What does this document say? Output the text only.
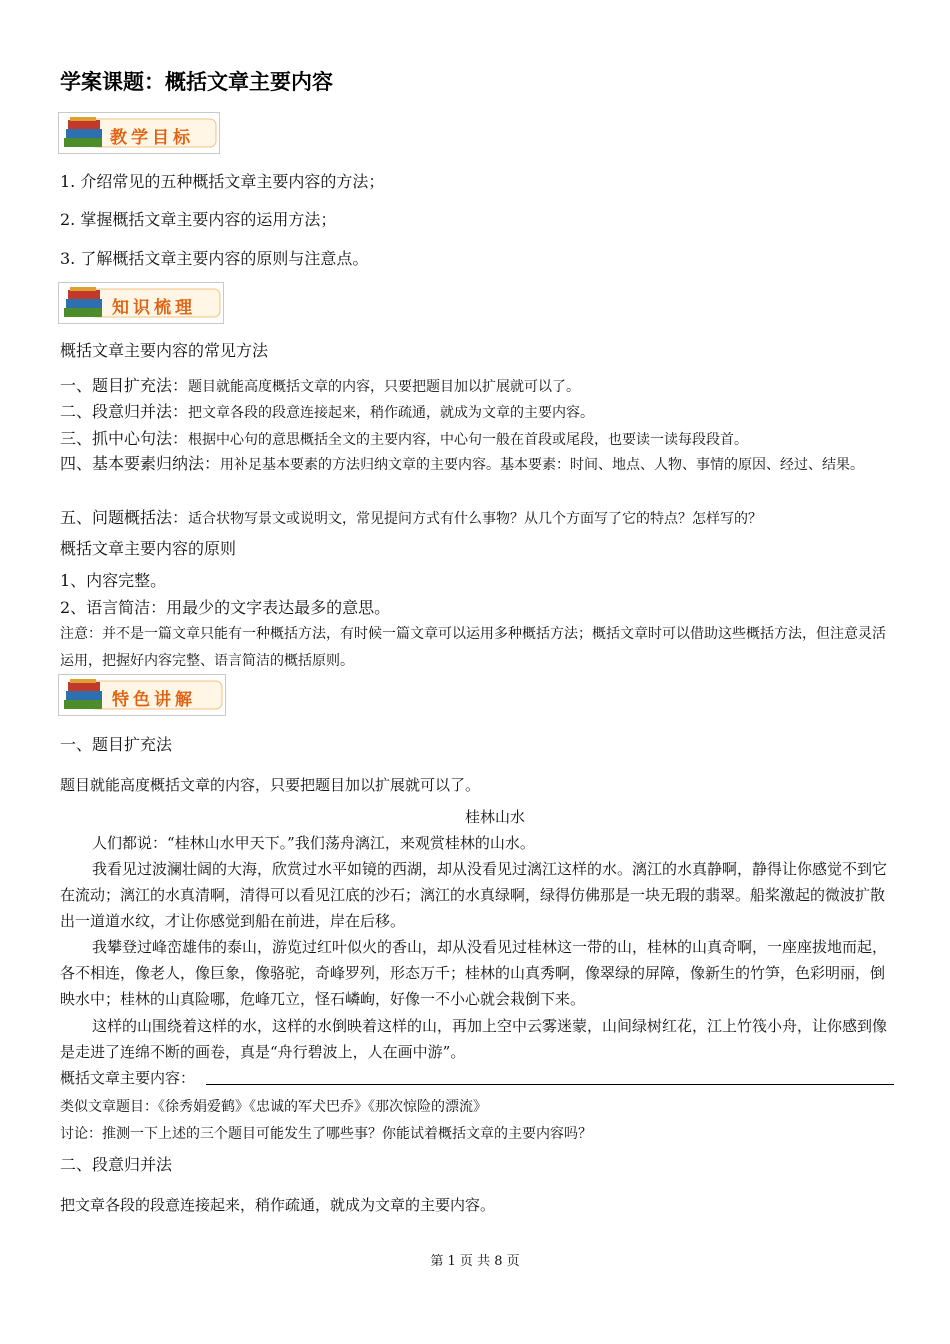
学案课题：概括文章主要内容
教学目标
1. 介绍常见的五种概括文章主要内容的方法；
2. 掌握概括文章主要内容的运用方法；
3. 了解概括文章主要内容的原则与注意点。
知识梳理
概括文章主要内容的常见方法
一、题目扩充法：题目就能高度概括文章的内容，只要把题目加以扩展就可以了。
二、段意归并法：把文章各段的段意连接起来，稍作疏通，就成为文章的主要内容。
三、抓中心句法：根据中心句的意思概括全文的主要内容，中心句一般在首段或尾段，也要读一读每段段首。
四、基本要素归纳法：用补足基本要素的方法归纳文章的主要内容。基本要素：时间、地点、人物、事情的原因、经过、结果。
五、问题概括法：适合状物写景文或说明文，常见提问方式有什么事物？从几个方面写了它的特点？怎样写的？
概括文章主要内容的原则
1、内容完整。
2、语言简洁：用最少的文字表达最多的意思。
注意：并不是一篇文章只能有一种概括方法，有时候一篇文章可以运用多种概括方法；概括文章时可以借助这些概括方法，但注意灵活运用，把握好内容完整、语言简洁的概括原则。
特色讲解
一、题目扩充法
题目就能高度概括文章的内容，只要把题目加以扩展就可以了。
桂林山水
人们都说：“桂林山水甲天下。”我们荡舟漓江，来观赏桂林的山水。
我看见过波澜壮阔的大海，欣赏过水平如镜的西湖，却从没看见过漓江这样的水。漓江的水真静啊，静得让你感觉不到它在流动；漓江的水真清啊，清得可以看见江底的沙石；漓江的水真绿啊，绿得仿佛那是一块无瑕的翡翠。船桨激起的微波扩散出一道道水纹，才让你感觉到船在前进，岸在后移。
我攀登过峰峦雄伟的泰山，游览过红叶似火的香山，却从没看见过桂林这一带的山，桂林的山真奇啊，一座座拔地而起，各不相连，像老人，像巨象，像骆驼，奇峰罗列，形态万千；桂林的山真秀啊，像翠绿的屏障，像新生的竹笋，色彩明丽，倒映水中；桂林的山真险哪，危峰兀立，怪石嶙峋，好像一不小心就会栽倒下来。
这样的山围绕着这样的水，这样的水倒映着这样的山，再加上空中云雾迷蒙，山间绿树红花，江上竹筏小舟，让你感到像是走进了连绵不断的画卷，真是“舟行碧波上，人在画中游”。
概括文章主要内容：
类似文章题目：《徐秀娟爱鹤》《忠诚的军犬巴乔》《那次惊险的漂流》
讨论：推测一下上述的三个题目可能发生了哪些事？你能试着概括文章的主要内容吗？
二、段意归并法
把文章各段的段意连接起来，稍作疏通，就成为文章的主要内容。
第 1 页 共 8 页
